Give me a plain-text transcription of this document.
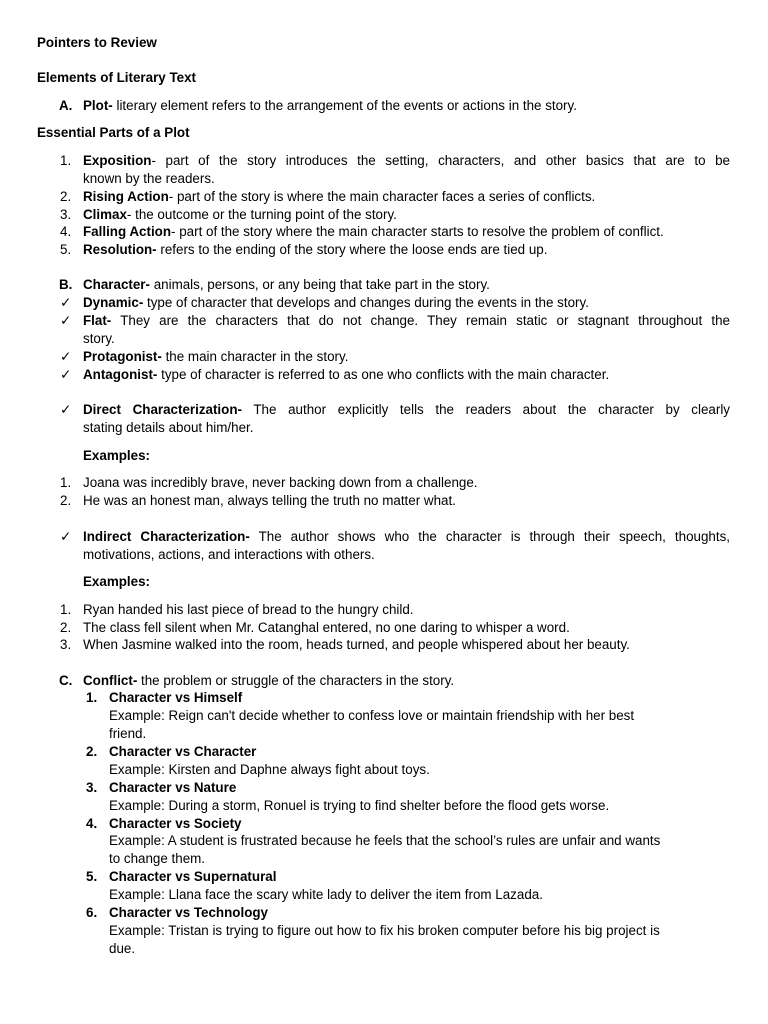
Pointers to Review
Elements of Literary Text
A. Plot- literary element refers to the arrangement of the events or actions in the story.
Essential Parts of a Plot
1. Exposition- part of the story introduces the setting, characters, and other basics that are to be
known by the readers.
2. Rising Action- part of the story is where the main character faces a series of conflicts.
3. Climax- the outcome or the turning point of the story.
4. Falling Action- part of the story where the main character starts to resolve the problem of conflict.
5. Resolution- refers to the ending of the story where the loose ends are tied up.
B. Character- animals, persons, or any being that take part in the story.
✓ Dynamic- type of character that develops and changes during the events in the story.
✓ Flat- They are the characters that do not change. They remain static or stagnant throughout the
story.
✓ Protagonist- the main character in the story.
✓ Antagonist- type of character is referred to as one who conflicts with the main character.
✓ Direct Characterization- The author explicitly tells the readers about the character by clearly
stating details about him/her.
Examples:
1. Joana was incredibly brave, never backing down from a challenge.
2. He was an honest man, always telling the truth no matter what.
✓ Indirect Characterization- The author shows who the character is through their speech, thoughts,
motivations, actions, and interactions with others.
Examples:
1. Ryan handed his last piece of bread to the hungry child.
2. The class fell silent when Mr. Catanghal entered, no one daring to whisper a word.
3. When Jasmine walked into the room, heads turned, and people whispered about her beauty.
C. Conflict- the problem or struggle of the characters in the story.
1. Character vs Himself
Example: Reign can't decide whether to confess love or maintain friendship with her best
friend.
2. Character vs Character
Example: Kirsten and Daphne always fight about toys.
3. Character vs Nature
Example: During a storm, Ronuel is trying to find shelter before the flood gets worse.
4. Character vs Society
Example: A student is frustrated because he feels that the school’s rules are unfair and wants
to change them.
5. Character vs Supernatural
Example: Llana face the scary white lady to deliver the item from Lazada.
6. Character vs Technology
Example: Tristan is trying to figure out how to fix his broken computer before his big project is
due.
